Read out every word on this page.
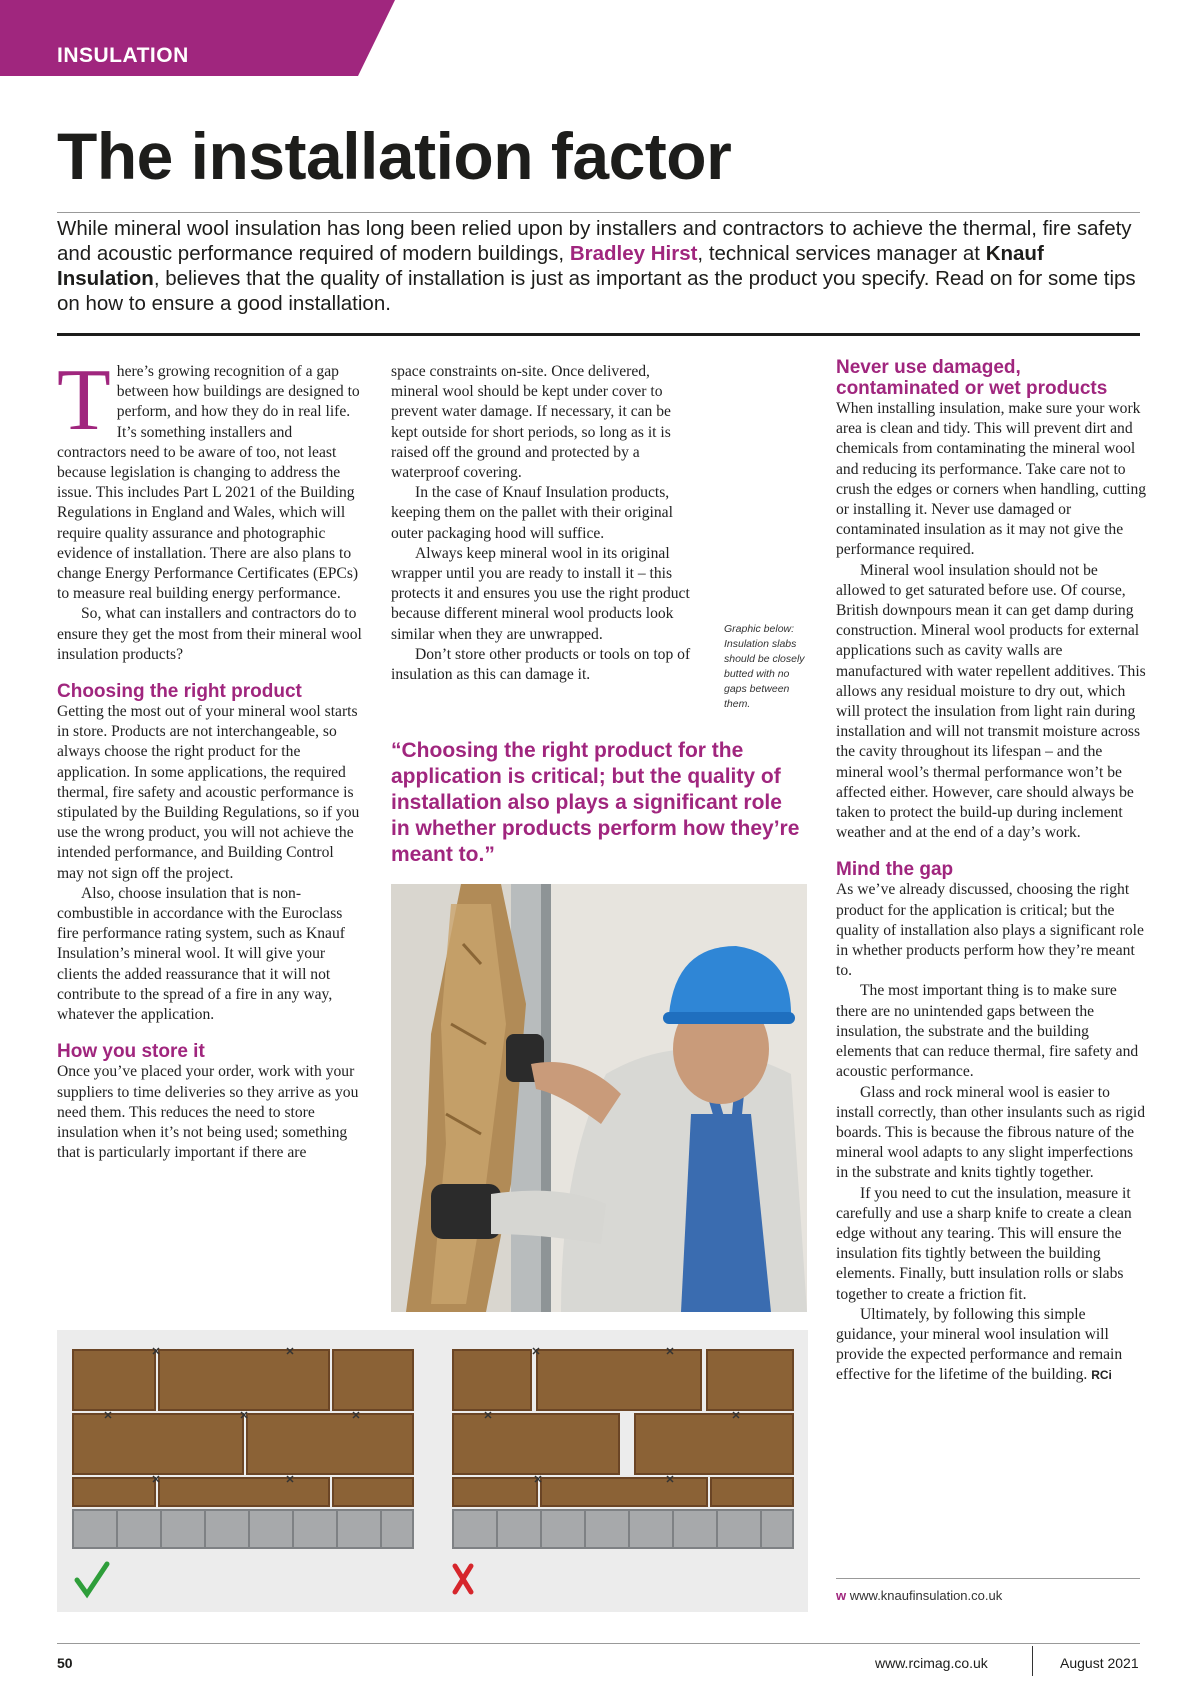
INSULATION
The installation factor
While mineral wool insulation has long been relied upon by installers and contractors to achieve the thermal, fire safety and acoustic performance required of modern buildings, Bradley Hirst, technical services manager at Knauf Insulation, believes that the quality of installation is just as important as the product you specify. Read on for some tips on how to ensure a good installation.

There’s growing recognition of a gap between how buildings are designed to perform, and how they do in real life. It’s something installers and contractors need to be aware of too, not least because legislation is changing to address the issue. This includes Part L 2021 of the Building Regulations in England and Wales, which will require quality assurance and photographic evidence of installation. There are also plans to change Energy Performance Certificates (EPCs) to measure real building energy performance.

So, what can installers and contractors do to ensure they get the most from their mineral wool insulation products?

Choosing the right product

Getting the most out of your mineral wool starts in store. Products are not interchangeable, so always choose the right product for the application. In some applications, the required thermal, fire safety and acoustic performance is stipulated by the Building Regulations, so if you use the wrong product, you will not achieve the intended performance, and Building Control may not sign off the project.

Also, choose insulation that is non-combustible in accordance with the Euroclass fire performance rating system, such as Knauf Insulation’s mineral wool. It will give your clients the added reassurance that it will not contribute to the spread of a fire in any way, whatever the application.

How you store it

Once you’ve placed your order, work with your suppliers to time deliveries so they arrive as you need them. This reduces the need to store insulation when it’s not being used; something that is particularly important if there are

space constraints on-site. Once delivered, mineral wool should be kept under cover to prevent water damage. If necessary, it can be kept outside for short periods, so long as it is raised off the ground and protected by a waterproof covering.

In the case of Knauf Insulation products, keeping them on the pallet with their original outer packaging hood will suffice.

Always keep mineral wool in its original wrapper until you are ready to install it – this protects it and ensures you use the right product because different mineral wool products look similar when they are unwrapped.

Don’t store other products or tools on top of insulation as this can damage it.

Graphic below: Insulation slabs should be closely butted with no gaps between them.
“Choosing the right product for the application is critical; but the quality of installation also plays a significant role in whether products perform how they’re meant to.”
Never use damaged, contaminated or wet products

When installing insulation, make sure your work area is clean and tidy. This will prevent dirt and chemicals from contaminating the mineral wool and reducing its performance. Take care not to crush the edges or corners when handling, cutting or installing it. Never use damaged or contaminated insulation as it may not give the performance required.

Mineral wool insulation should not be allowed to get saturated before use. Of course, British downpours mean it can get damp during construction. Mineral wool products for external applications such as cavity walls are manufactured with water repellent additives. This allows any residual moisture to dry out, which will protect the insulation from light rain during installation and will not transmit moisture across the cavity throughout its lifespan – and the mineral wool’s thermal performance won’t be affected either. However, care should always be taken to protect the build-up during inclement weather and at the end of a day’s work.

Mind the gap

As we’ve already discussed, choosing the right product for the application is critical; but the quality of installation also plays a significant role in whether products perform how they’re meant to.

The most important thing is to make sure there are no unintended gaps between the insulation, the substrate and the building elements that can reduce thermal, fire safety and acoustic performance.

Glass and rock mineral wool is easier to install correctly, than other insulants such as rigid boards. This is because the fibrous nature of the mineral wool adapts to any slight imperfections in the substrate and knits tightly together.

If you need to cut the insulation, measure it carefully and use a sharp knife to create a clean edge without any tearing. This will ensure the insulation fits tightly between the building elements. Finally, butt insulation rolls or slabs together to create a friction fit.

Ultimately, by following this simple guidance, your mineral wool insulation will provide the expected performance and remain effective for the lifetime of the building. RCi

w www.knaufinsulation.co.uk
50	www.rcimag.co.uk	August 2021
